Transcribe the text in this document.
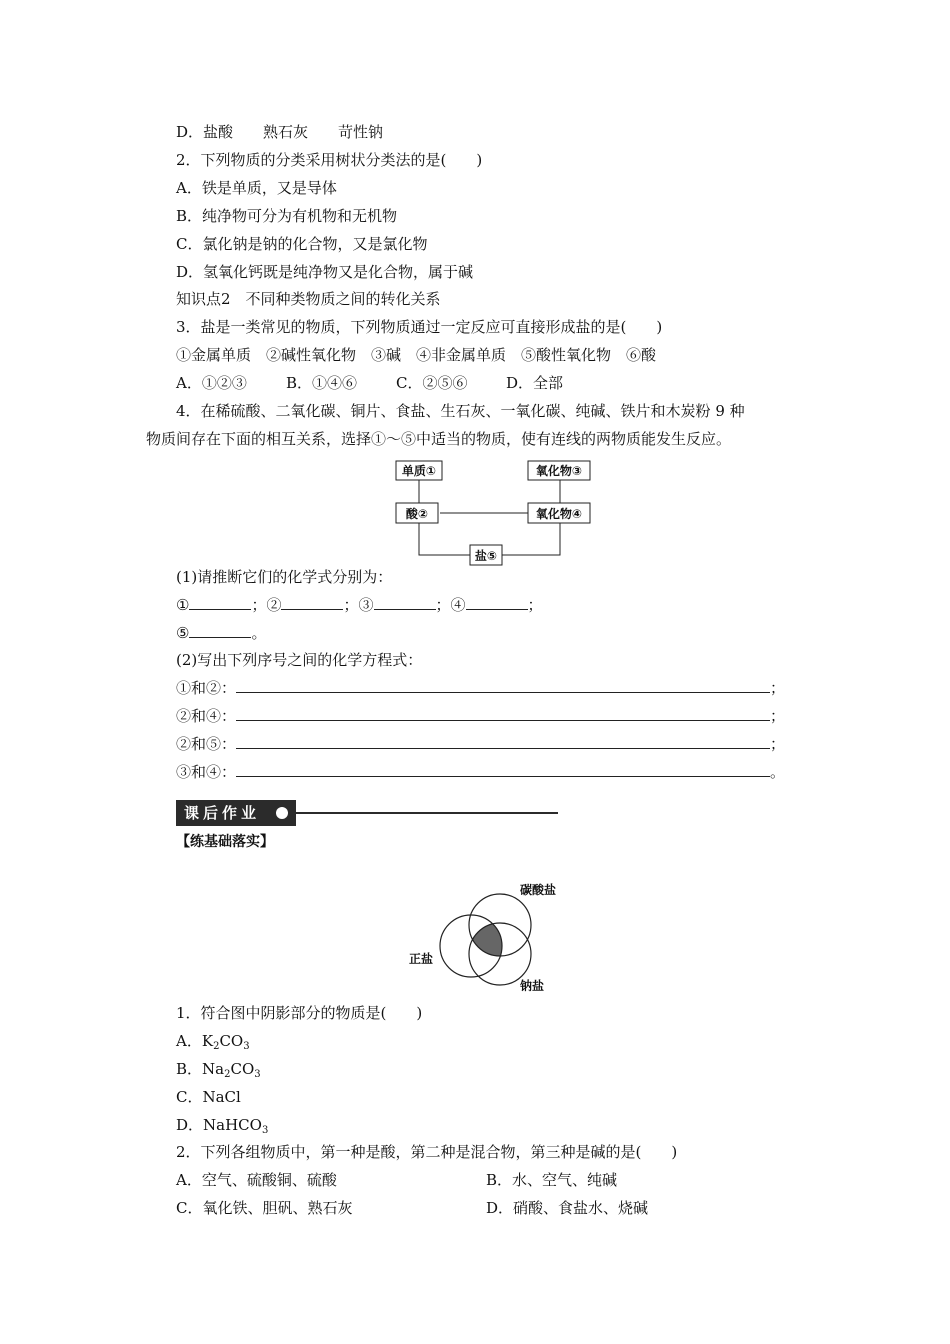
D．盐酸　　熟石灰　　苛性钠
2．下列物质的分类采用树状分类法的是(　　)
A．铁是单质，又是导体
B．纯净物可分为有机物和无机物
C．氯化钠是钠的化合物，又是氯化物
D．氢氧化钙既是纯净物又是化合物，属于碱
知识点2　不同种类物质之间的转化关系
3．盐是一类常见的物质，下列物质通过一定反应可直接形成盐的是(　　)
①金属单质　②碱性氧化物　③碱　④非金属单质　⑤酸性氧化物　⑥酸
A．①②③	B．①④⑥	C．②⑤⑥	D．全部
4．在稀硫酸、二氧化碳、铜片、食盐、生石灰、一氧化碳、纯碱、铁片和木炭粉 9 种
物质间存在下面的相互关系，选择①～⑤中适当的物质，使有连线的两物质能发生反应。
单质①	氧化物③
酸②	氧化物④
盐⑤
(1)请推断它们的化学式分别为：
①	；②	；③	；④	；
⑤	。
(2)写出下列序号之间的化学方程式：
①和②：	；
②和④：	；
②和⑤：	；
③和④：	。
课后作业
【练基础落实】
碳酸盐
正盐
钠盐
1．符合图中阴影部分的物质是(　　)
A．$K_2CO_3$
B．$Na_2CO_3$
C．NaCl
D．NaHCO$_3$
2．下列各组物质中，第一种是酸，第二种是混合物，第三种是碱的是(　　)
A．空气、硫酸铜、硫酸	B．水、空气、纯碱
C．氧化铁、胆矾、熟石灰	D．硝酸、食盐水、烧碱
